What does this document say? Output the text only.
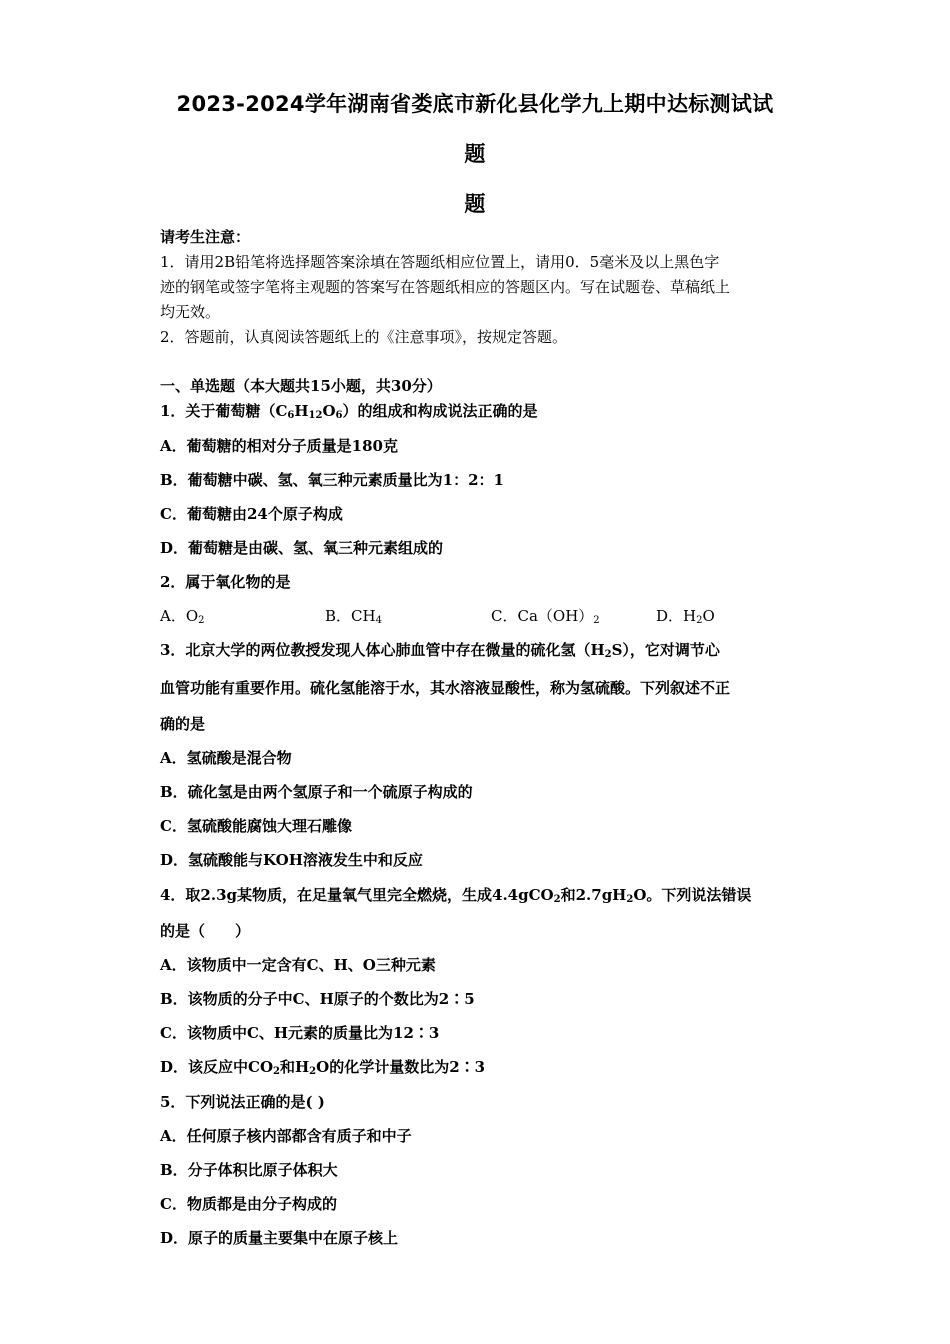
2023-2024学年湖南省娄底市新化县化学九上期中达标测试试
题
题
请考生注意：
1．请用2B铅笔将选择题答案涂填在答题纸相应位置上，请用0．5毫米及以上黑色字
迹的钢笔或签字笔将主观题的答案写在答题纸相应的答题区内。写在试题卷、草稿纸上
均无效。
2．答题前，认真阅读答题纸上的《注意事项》，按规定答题。
一、单选题（本大题共15小题，共30分）
1．关于葡萄糖$(C_6H_{12}O_6)$的组成和构成说法正确的是
A．葡萄糖的相对分子质量是180克
B．葡萄糖中碳、氢、氧三种元素质量比为1：2：1
C．葡萄糖由24个原子构成
D．葡萄糖是由碳、氢、氧三种元素组成的
2．属于氧化物的是
A．$O_2$	B．$CH_4$	C．$Ca(OH)_2$	D．$H_2O$
3．北京大学的两位教授发现人体心肺血管中存在微量的硫化氢$(H_2S)$，它对调节心
血管功能有重要作用。硫化氢能溶于水，其水溶液显酸性，称为氢硫酸。下列叙述不正
确的是
A．氢硫酸是混合物
B．硫化氢是由两个氢原子和一个硫原子构成的
C．氢硫酸能腐蚀大理石雕像
D．氢硫酸能与KOH溶液发生中和反应
4．取2.3g某物质，在足量氧气里完全燃烧，生成4.4gCO$_2$和$2.7gH_2O$。下列说法错误
的是（　　）
A．该物质中一定含有C、H、O三种元素
B．该物质的分子中C、H原子的个数比为2∶5
C．该物质中C、H元素的质量比为12∶3
D．该反应中$CO_2$和$H_2O$的化学计量数比为2∶3
5．下列说法正确的是( )
A．任何原子核内部都含有质子和中子
B．分子体积比原子体积大
C．物质都是由分子构成的
D．原子的质量主要集中在原子核上
